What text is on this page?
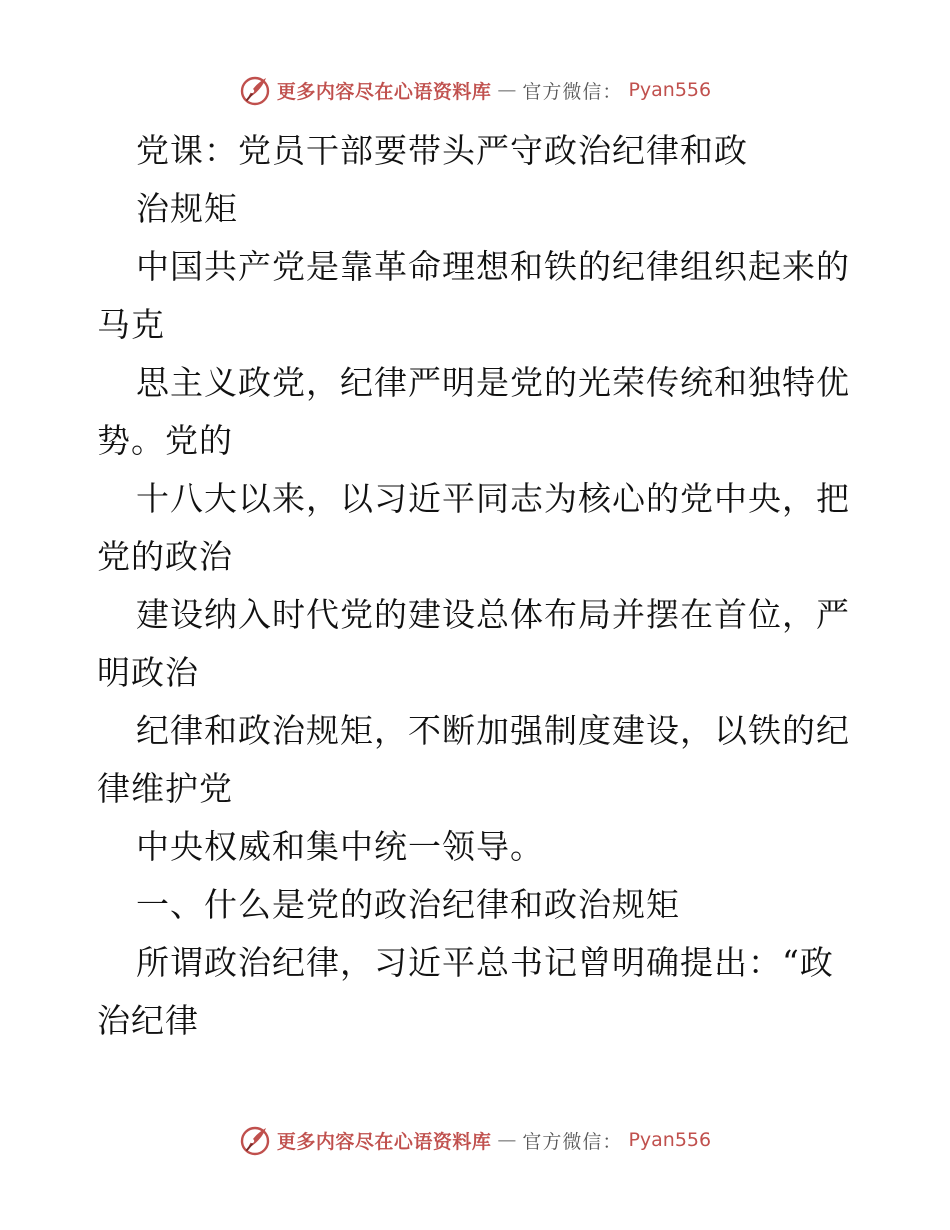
更多内容尽在心语资料库 — 官方微信： Pyan556
党课：党员干部要带头严守政治纪律和政
治规矩
中国共产党是靠革命理想和铁的纪律组织起来的
马克
思主义政党，纪律严明是党的光荣传统和独特优
势。党的
十八大以来，以习近平同志为核心的党中央，把
党的政治
建设纳入时代党的建设总体布局并摆在首位，严
明政治
纪律和政治规矩，不断加强制度建设，以铁的纪
律维护党
中央权威和集中统一领导。
一、什么是党的政治纪律和政治规矩
所谓政治纪律，习近平总书记曾明确提出：“政
治纪律
更多内容尽在心语资料库 — 官方微信： Pyan556
